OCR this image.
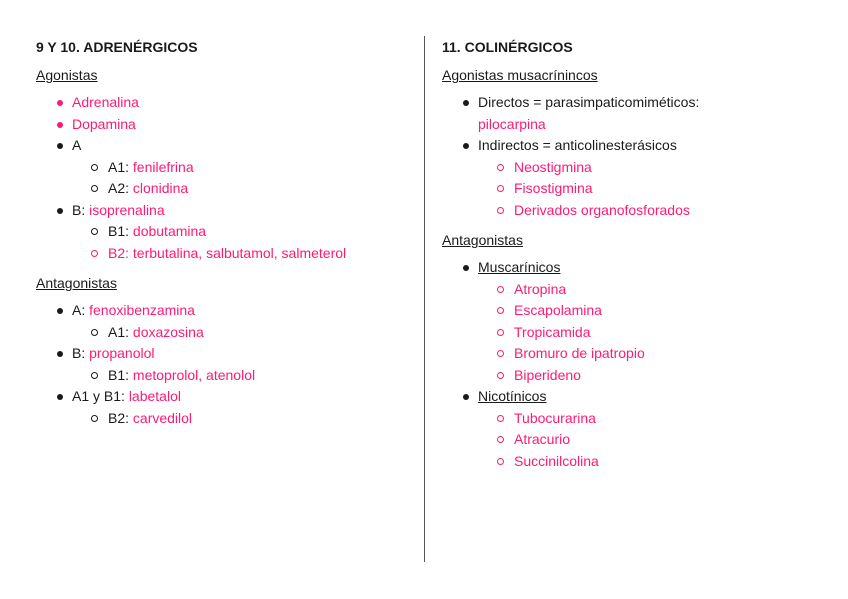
9 Y 10. ADRENÉRGICOS
Agonistas
Adrenalina
Dopamina
A
A1: fenilefrina
A2: clonidina
B: isoprenalina
B1: dobutamina
B2: terbutalina, salbutamol, salmeterol
Antagonistas
A: fenoxibenzamina
A1: doxazosina
B: propanolol
B1: metoprolol, atenolol
A1 y B1: labetalol
B2: carvedilol
11. COLINÉRGICOS
Agonistas musacrínincos
Directos = parasimpaticomiméticos:
pilocarpina
Indirectos = anticolinesterásicos
Neostigmina
Fisostigmina
Derivados organofosforados
Antagonistas
Muscarínicos
Atropina
Escapolamina
Tropicamida
Bromuro de ipatropio
Biperideno
Nicotínicos
Tubocurarina
Atracurio
Succinilcolina
